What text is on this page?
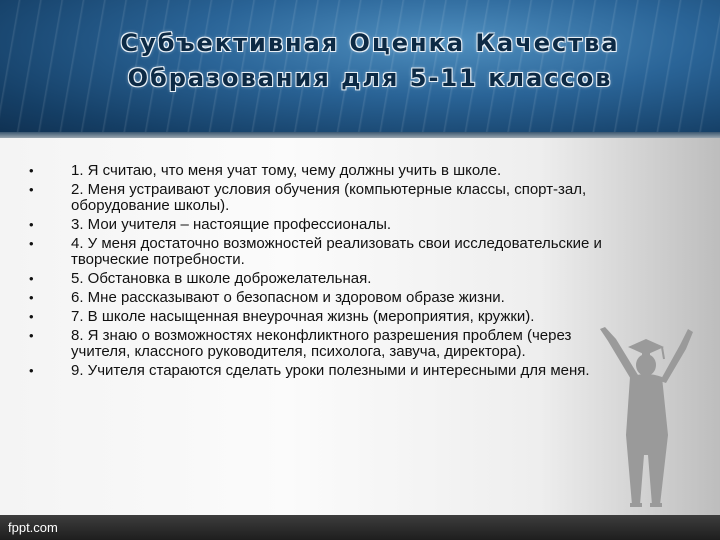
Субъективная Оценка Качества
Образования для 5-11 классов
• 1. Я считаю, что меня учат тому, чему должны учить в школе.
• 2. Меня устраивают условия обучения (компьютерные классы, спорт-зал, оборудование школы).
• 3. Мои учителя – настоящие профессионалы.
• 4. У меня достаточно возможностей реализовать свои исследовательские и творческие потребности.
• 5. Обстановка в школе доброжелательная.
• 6. Мне рассказывают о безопасном и здоровом образе жизни.
• 7. В школе насыщенная внеурочная жизнь (мероприятия, кружки).
• 8. Я знаю о возможностях неконфликтного разрешения проблем (через учителя, классного руководителя, психолога, завуча, директора).
• 9. Учителя стараются сделать уроки полезными и интересными для меня.
fppt.com
